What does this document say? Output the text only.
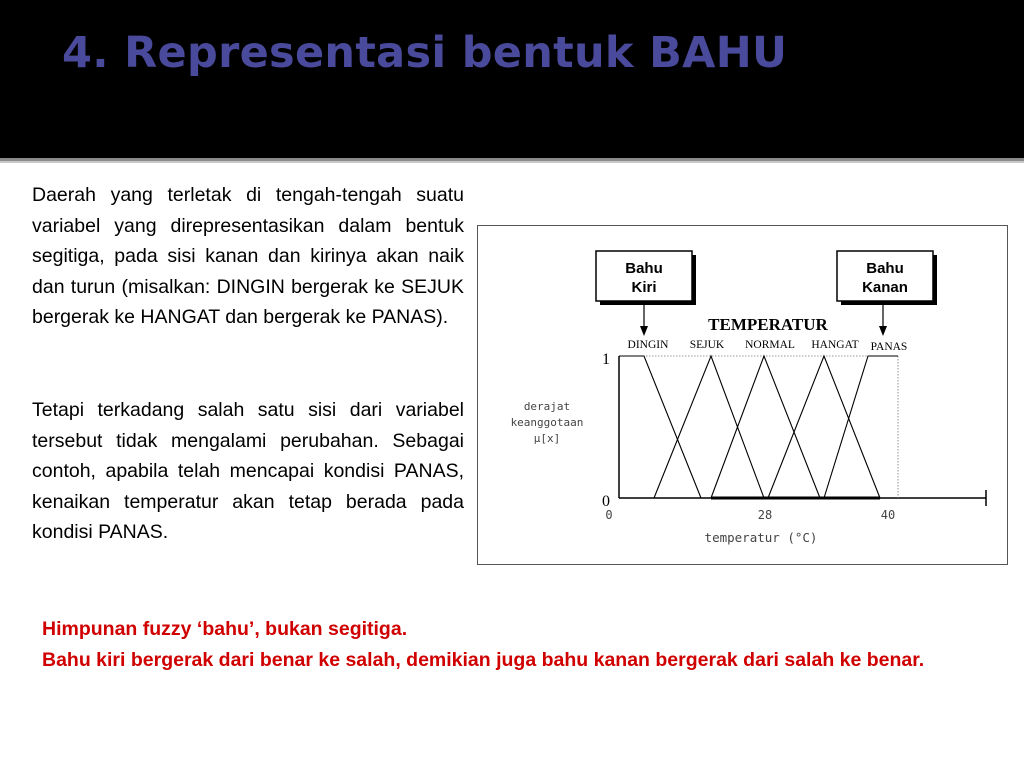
4. Representasi bentuk BAHU

Daerah yang terletak di tengah-tengah suatu variabel yang direpresentasikan dalam bentuk segitiga, pada sisi kanan dan kirinya akan naik dan turun (misalkan: DINGIN bergerak ke SEJUK bergerak ke HANGAT dan bergerak ke PANAS).

Tetapi terkadang salah satu sisi dari variabel tersebut tidak mengalami perubahan. Sebagai contoh, apabila telah mencapai kondisi PANAS, kenaikan temperatur akan tetap berada pada kondisi PANAS.

Bahu
Kiri
Bahu
Kanan
TEMPERATUR
DINGIN SEJUK NORMAL HANGAT PANAS
derajat
keanggotaan
μ[x]
1
0
0	28	40
temperatur (°C)

Himpunan fuzzy ‘bahu’, bukan segitiga.

Bahu kiri bergerak dari benar ke salah, demikian juga bahu kanan bergerak dari salah ke benar.
